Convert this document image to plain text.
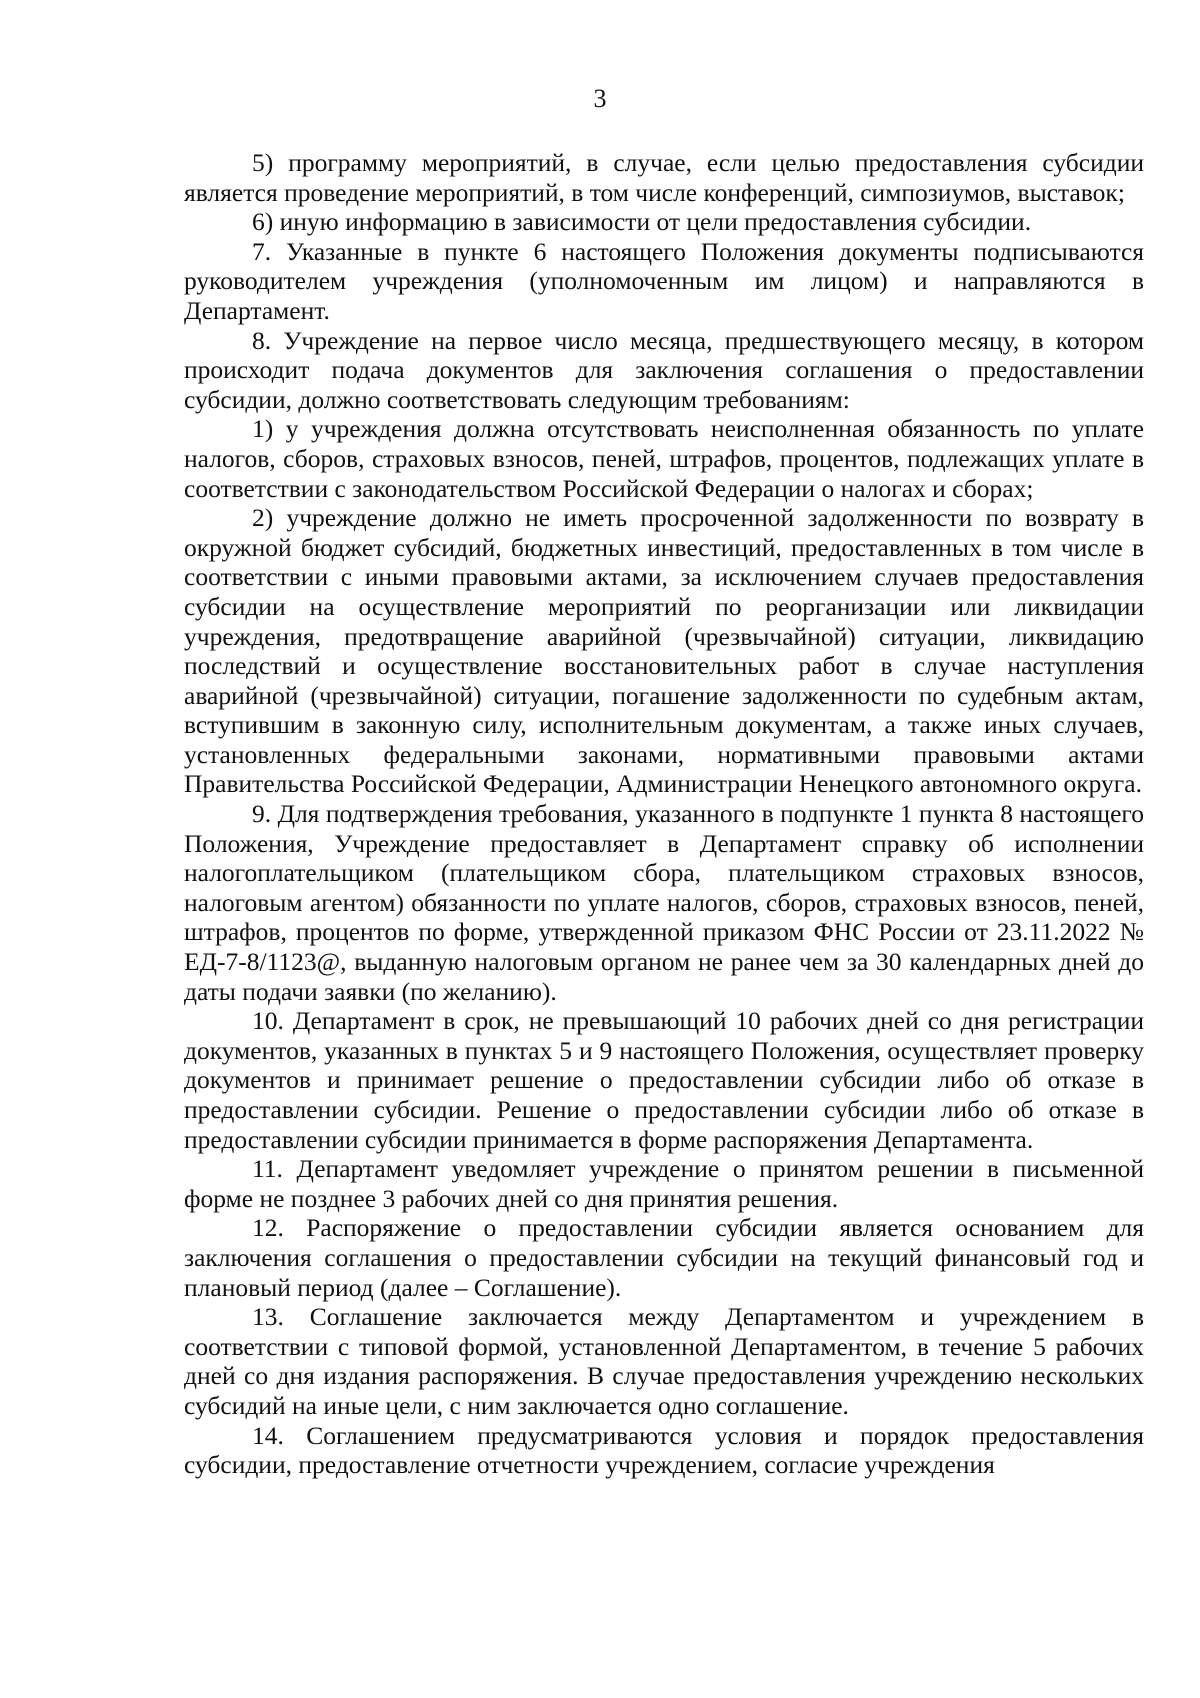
3

5) программу мероприятий, в случае, если целью предоставления субсидии является проведение мероприятий, в том числе конференций, симпозиумов, выставок;

6) иную информацию в зависимости от цели предоставления субсидии.

7. Указанные в пункте 6 настоящего Положения документы подписываются руководителем учреждения (уполномоченным им лицом) и направляются в Департамент.

8. Учреждение на первое число месяца, предшествующего месяцу, в котором происходит подача документов для заключения соглашения о предоставлении субсидии, должно соответствовать следующим требованиям:

1) у учреждения должна отсутствовать неисполненная обязанность по уплате налогов, сборов, страховых взносов, пеней, штрафов, процентов, подлежащих уплате в соответствии с законодательством Российской Федерации о налогах и сборах;

2) учреждение должно не иметь просроченной задолженности по возврату в окружной бюджет субсидий, бюджетных инвестиций, предоставленных в том числе в соответствии с иными правовыми актами, за исключением случаев предоставления субсидии на осуществление мероприятий по реорганизации или ликвидации учреждения, предотвращение аварийной (чрезвычайной) ситуации, ликвидацию последствий и осуществление восстановительных работ в случае наступления аварийной (чрезвычайной) ситуации, погашение задолженности по судебным актам, вступившим в законную силу, исполнительным документам, а также иных случаев, установленных федеральными законами, нормативными правовыми актами Правительства Российской Федерации, Администрации Ненецкого автономного округа.

9. Для подтверждения требования, указанного в подпункте 1 пункта 8 настоящего Положения, Учреждение предоставляет в Департамент справку об исполнении налогоплательщиком (плательщиком сбора, плательщиком страховых взносов, налоговым агентом) обязанности по уплате налогов, сборов, страховых взносов, пеней, штрафов, процентов по форме, утвержденной приказом ФНС России от 23.11.2022 № ЕД-7-8/1123@, выданную налоговым органом не ранее чем за 30 календарных дней до даты подачи заявки (по желанию).

10. Департамент в срок, не превышающий 10 рабочих дней со дня регистрации документов, указанных в пунктах 5 и 9 настоящего Положения, осуществляет проверку документов и принимает решение о предоставлении субсидии либо об отказе в предоставлении субсидии. Решение о предоставлении субсидии либо об отказе в предоставлении субсидии принимается в форме распоряжения Департамента.

11. Департамент уведомляет учреждение о принятом решении в письменной форме не позднее 3 рабочих дней со дня принятия решения.

12. Распоряжение о предоставлении субсидии является основанием для заключения соглашения о предоставлении субсидии на текущий финансовый год и плановый период (далее – Соглашение).

13. Соглашение заключается между Департаментом и учреждением в соответствии с типовой формой, установленной Департаментом, в течение 5 рабочих дней со дня издания распоряжения. В случае предоставления учреждению нескольких субсидий на иные цели, с ним заключается одно соглашение.

14. Соглашением предусматриваются условия и порядок предоставления субсидии, предоставление отчетности учреждением, согласие учреждения
